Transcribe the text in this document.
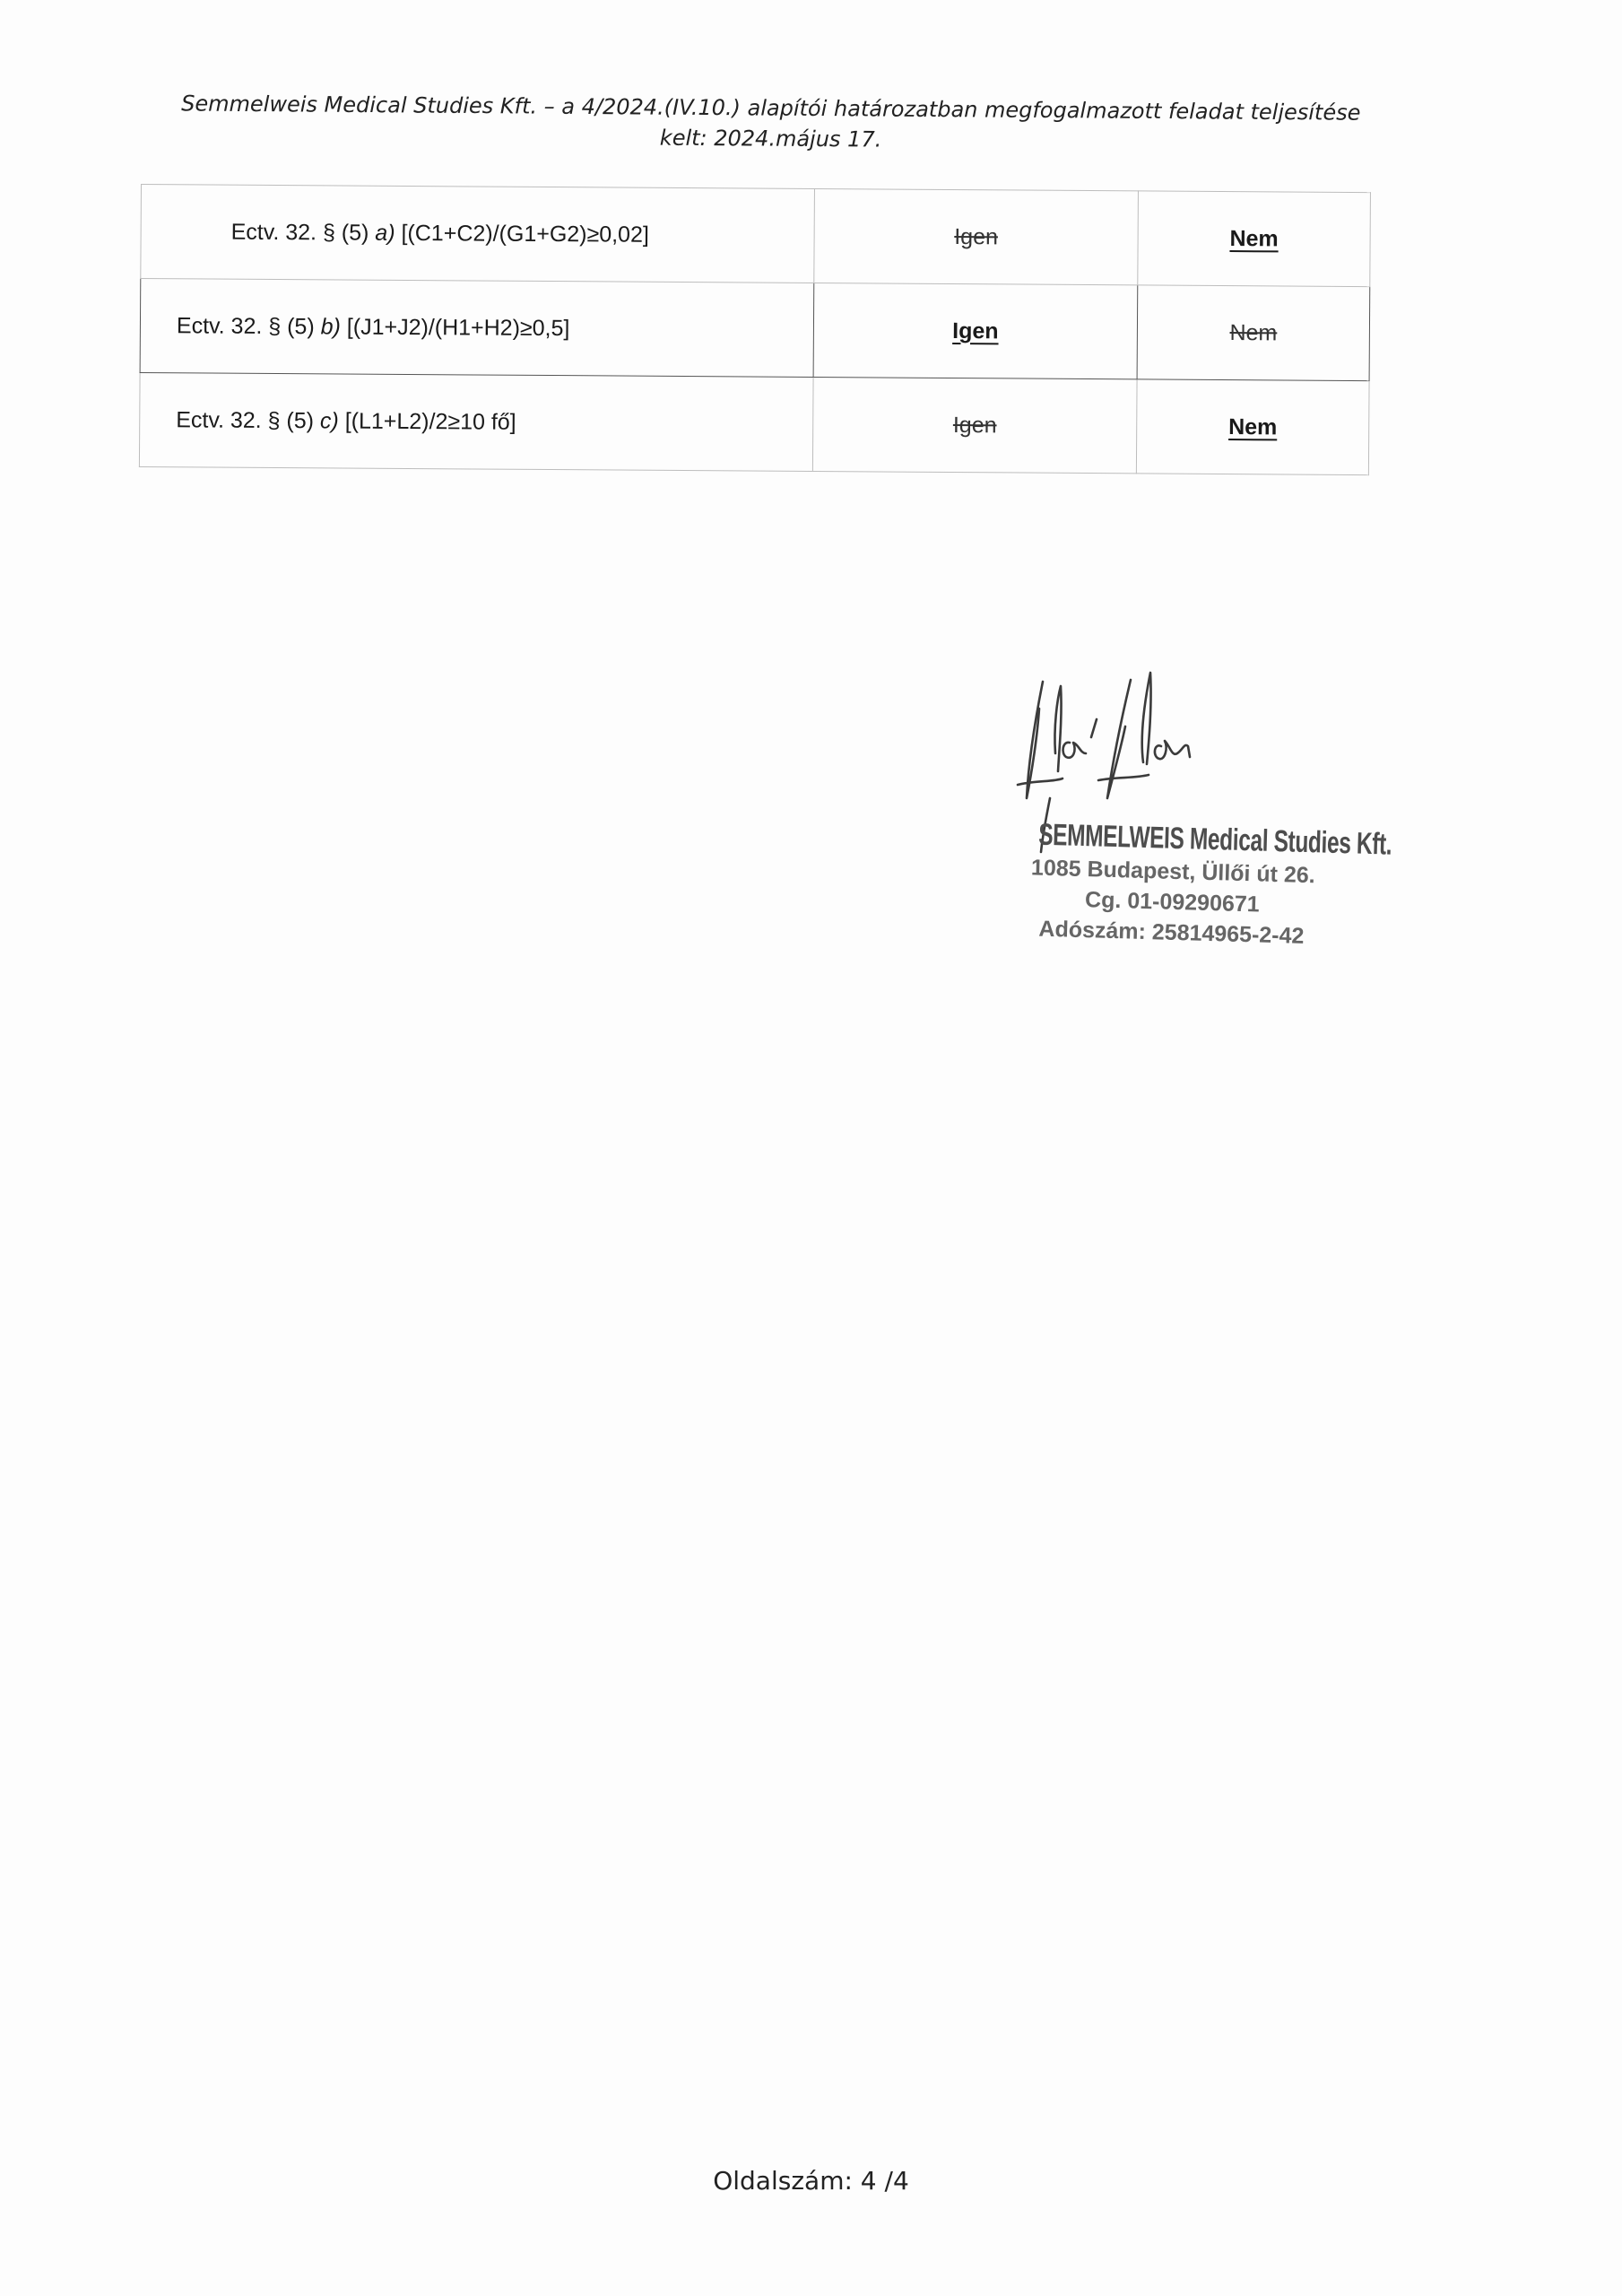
Semmelweis Medical Studies Kft. – a 4/2024.(IV.10.) alapítói határozatban megfogalmazott feladat teljesítése
kelt: 2024.május 17.
Ectv. 32. § (5) a) [(C1+C2)/(G1+G2)≥0,02]	Igen	Nem
Ectv. 32. § (5) b) [(J1+J2)/(H1+H2)≥0,5]	Igen	Nem
Ectv. 32. § (5) c) [(L1+L2)/2≥10 fő]	Igen	Nem
SEMMELWEIS Medical Studies Kft.
1085 Budapest, Üllői út 26.
Cg. 01-09290671
Adószám: 25814965-2-42
Oldalszám: 4 /4
